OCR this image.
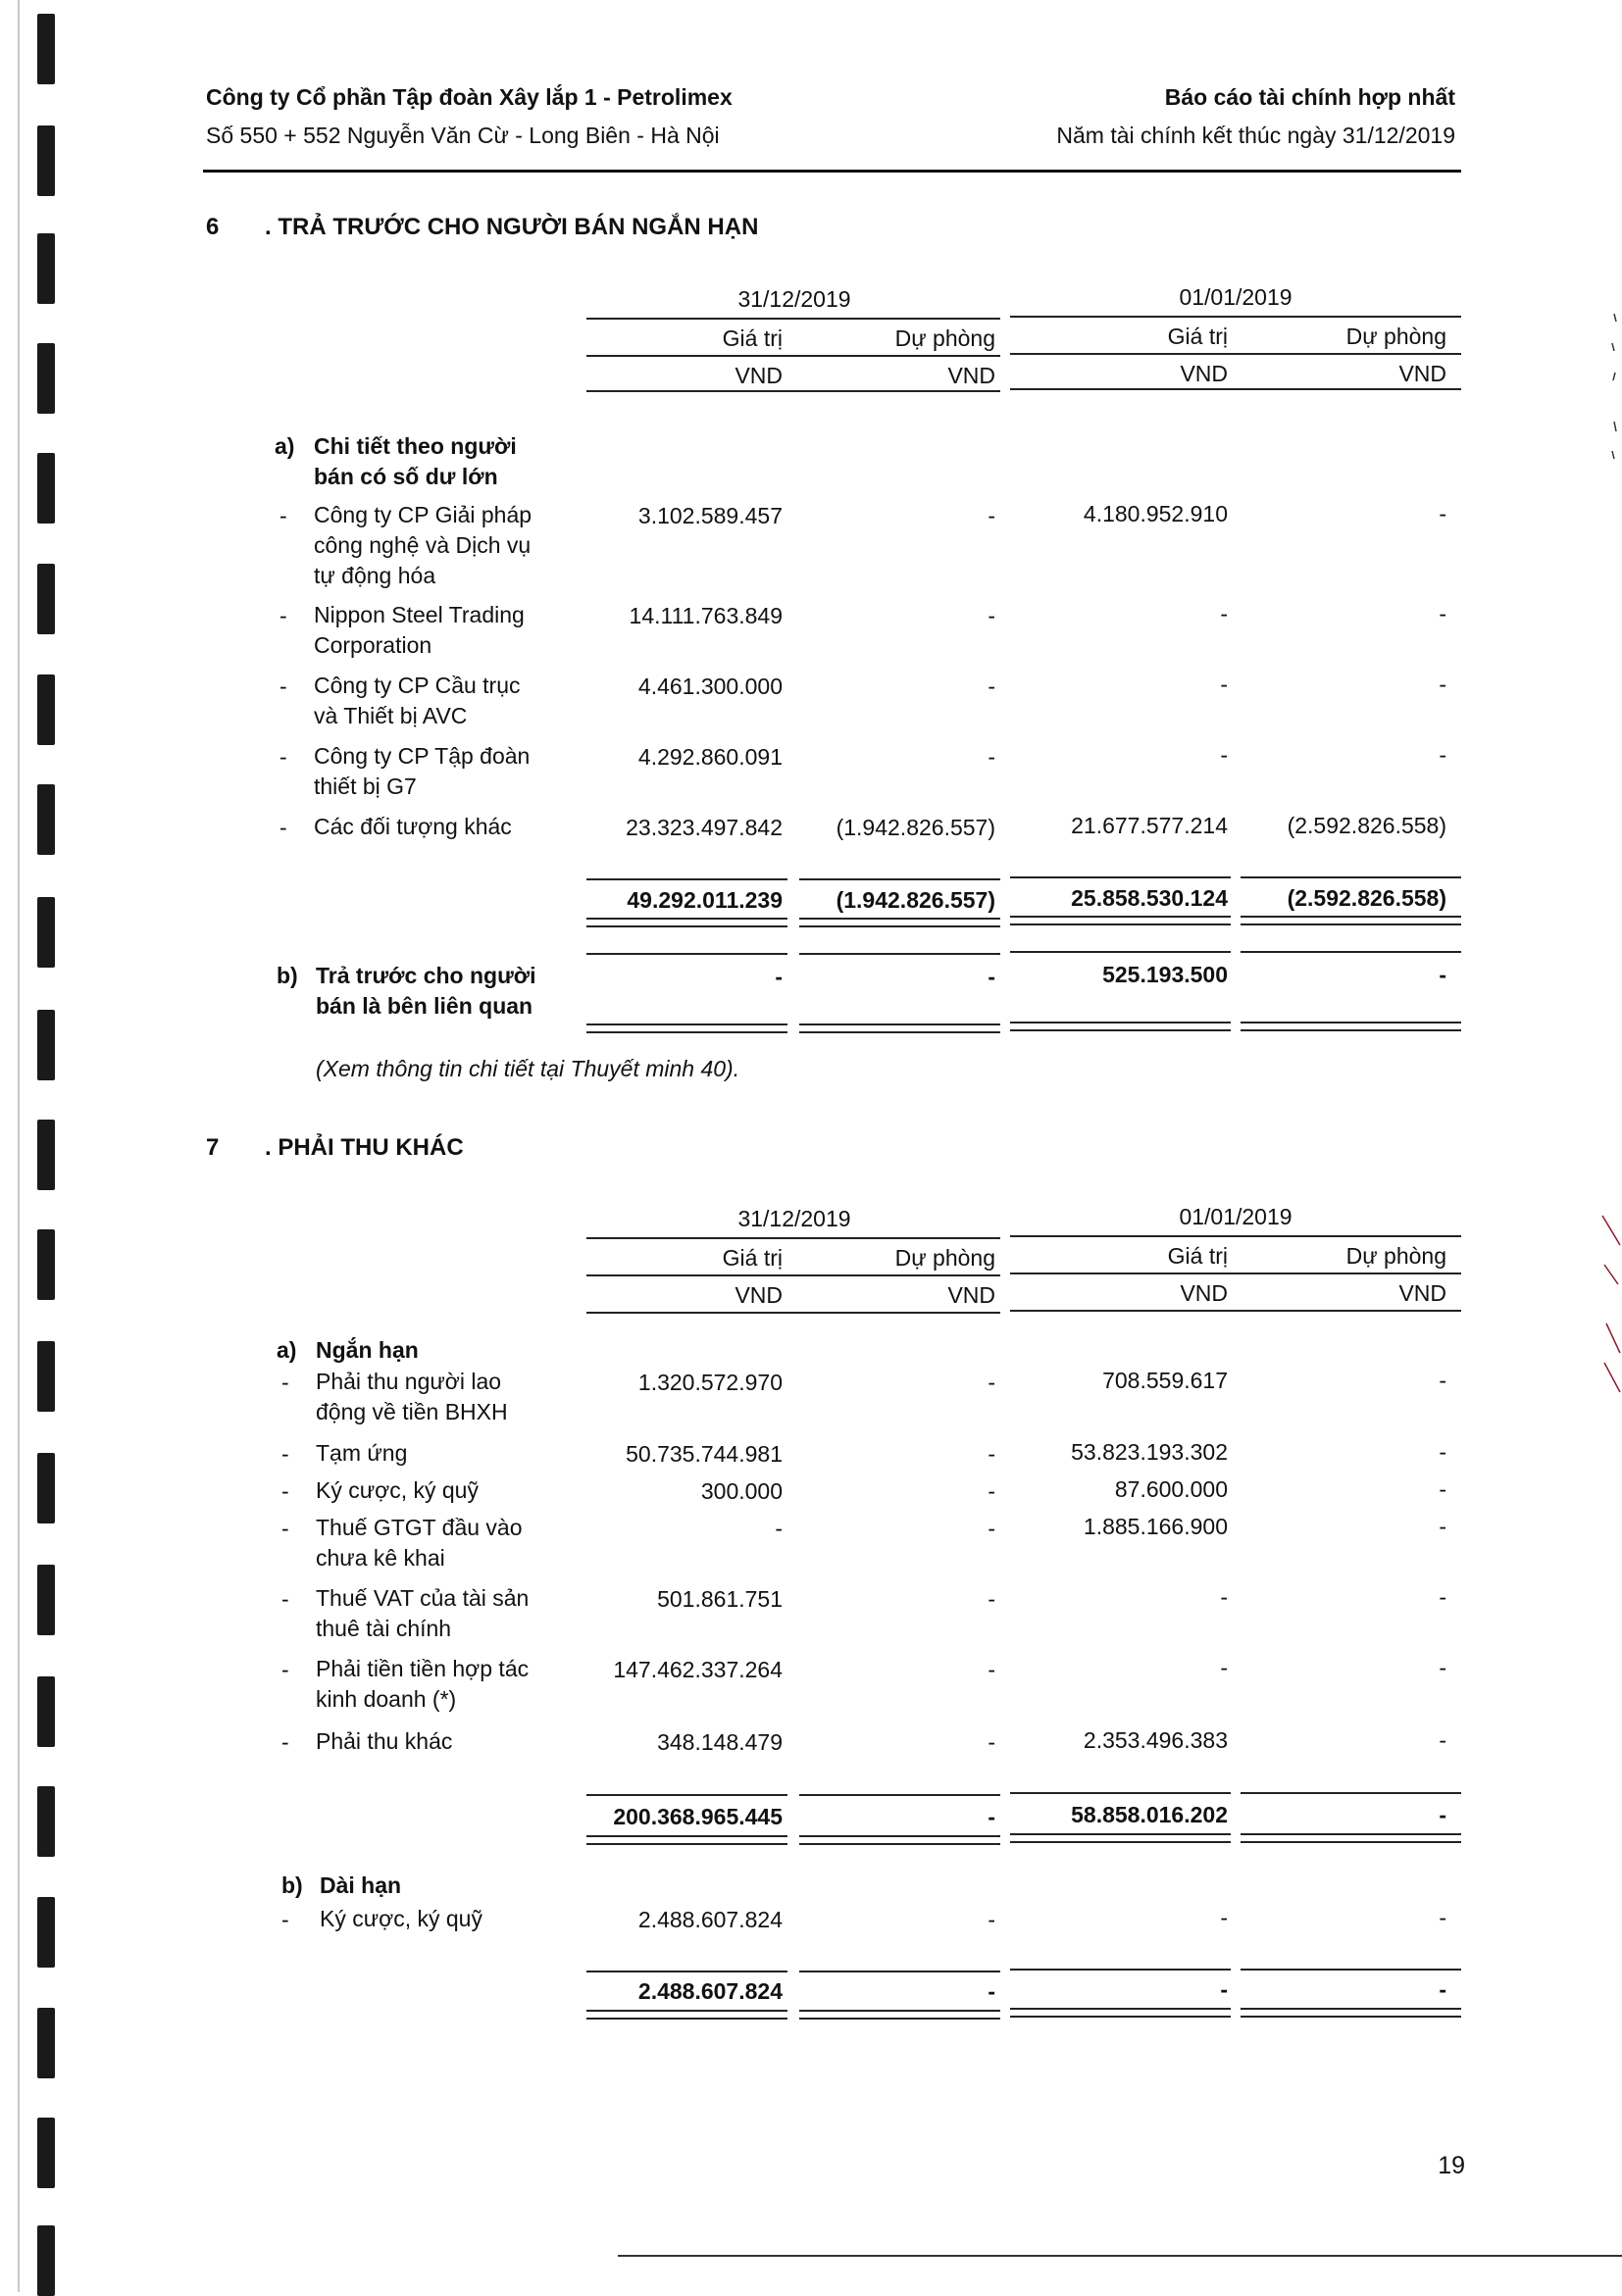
Công ty Cổ phần Tập đoàn Xây lắp 1 - Petrolimex
Số 550 + 552 Nguyễn Văn Cừ - Long Biên - Hà Nội
Báo cáo tài chính hợp nhất
Năm tài chính kết thúc ngày 31/12/2019
6 . TRẢ TRƯỚC CHO NGƯỜI BÁN NGẮN HẠN
31/12/2019	01/01/2019
Giá trị	Dự phòng	Giá trị	Dự phòng
VND	VND	VND	VND
a) Chi tiết theo người
bán có số dư lớn
- Công ty CP Giải pháp
công nghệ và Dịch vụ
tự động hóa
3.102.589.457	-	4.180.952.910	-
- Nippon Steel Trading
Corporation
14.111.763.849	-	-	-
- Công ty CP Cầu trục
và Thiết bị AVC
4.461.300.000	-	-	-
- Công ty CP Tập đoàn
thiết bị G7
4.292.860.091	-	-	-
- Các đối tượng khác	23.323.497.842	(1.942.826.557)	21.677.577.214	(2.592.826.558)
49.292.011.239	(1.942.826.557)	25.858.530.124	(2.592.826.558)
b) Trả trước cho người
bán là bên liên quan
-	-	525.193.500	-
(Xem thông tin chi tiết tại Thuyết minh 40).
7 . PHẢI THU KHÁC
31/12/2019	01/01/2019
Giá trị	Dự phòng	Giá trị	Dự phòng
VND	VND	VND	VND
a) Ngắn hạn
- Phải thu người lao
động về tiền BHXH
1.320.572.970	-	708.559.617	-
- Tạm ứng	50.735.744.981	-	53.823.193.302	-
- Ký cược, ký quỹ	300.000	-	87.600.000	-
- Thuế GTGT đầu vào
chưa kê khai
-	-	1.885.166.900	-
- Thuế VAT của tài sản
thuê tài chính
501.861.751	-	-	-
- Phải tiền tiền hợp tác
kinh doanh (*)
147.462.337.264	-	-	-
- Phải thu khác	348.148.479	-	2.353.496.383	-
200.368.965.445	-	58.858.016.202	-
b) Dài hạn
- Ký cược, ký quỹ	2.488.607.824	-	-	-
2.488.607.824	-	-	-
19
